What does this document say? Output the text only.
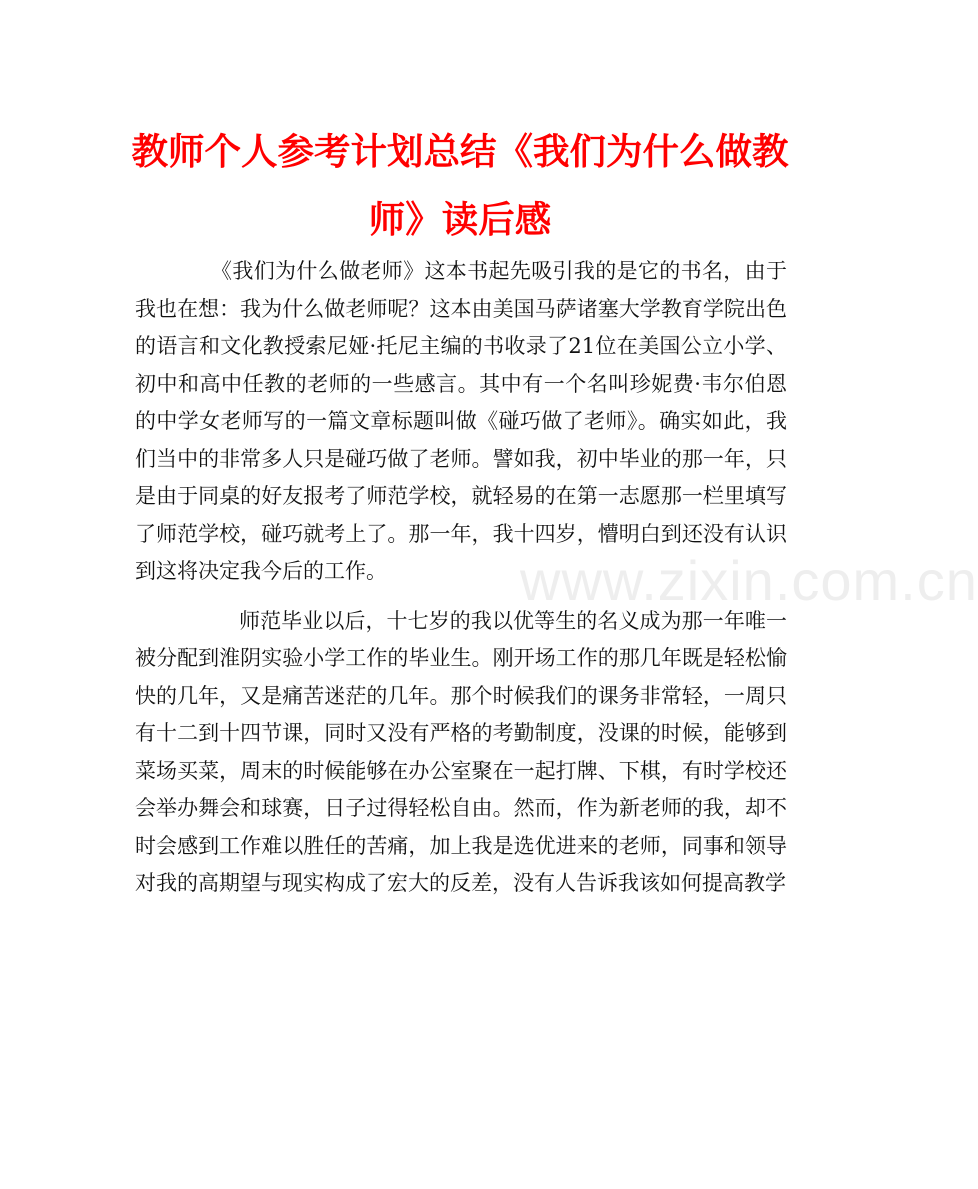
教师个人参考计划总结《我们为什么做教师》读后感
www.zixin.com.cn

《我们为什么做老师》这本书起先吸引我的是它的书名，由于我也在想：我为什么做老师呢？这本由美国马萨诸塞大学教育学院出色的语言和文化教授索尼娅·托尼主编的书收录了21位在美国公立小学、初中和高中任教的老师的一些感言。其中有一个名叫珍妮费·韦尔伯恩的中学女老师写的一篇文章标题叫做《碰巧做了老师》。确实如此，我们当中的非常多人只是碰巧做了老师。譬如我，初中毕业的那一年，只是由于同桌的好友报考了师范学校，就轻易的在第一志愿那一栏里填写了师范学校，碰巧就考上了。那一年，我十四岁，懵明白到还没有认识到这将决定我今后的工作。

师范毕业以后，十七岁的我以优等生的名义成为那一年唯一被分配到淮阴实验小学工作的毕业生。刚开场工作的那几年既是轻松愉快的几年，又是痛苦迷茫的几年。那个时候我们的课务非常轻，一周只有十二到十四节课，同时又没有严格的考勤制度，没课的时候，能够到菜场买菜，周末的时候能够在办公室聚在一起打牌、下棋，有时学校还会举办舞会和球赛，日子过得轻松自由。然而，作为新老师的我，却不时会感到工作难以胜任的苦痛，加上我是选优进来的老师，同事和领导对我的高期望与现实构成了宏大的反差，没有人告诉我该如何提高教学
